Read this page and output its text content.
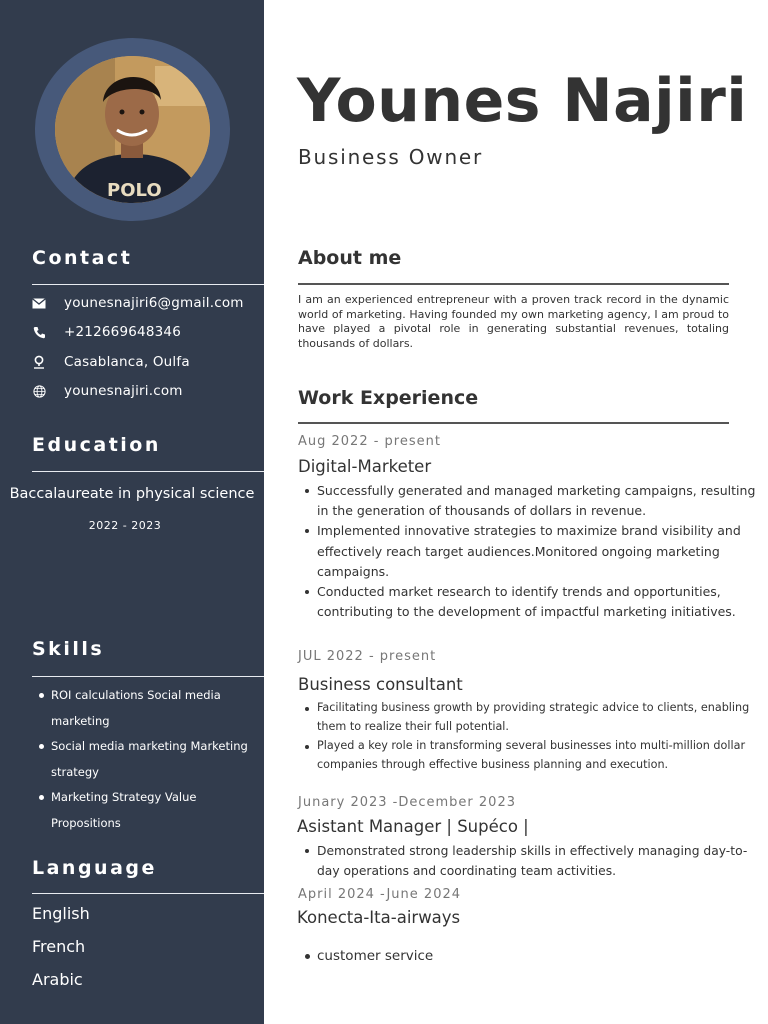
POLO
Contact
younesnajiri6@gmail.com
+212669648346
Casablanca, Oulfa
younesnajiri.com
Education
Baccalaureate in physical science
2022 - 2023
Skills
ROI calculations Social media marketing
Social media marketing Marketing strategy
Marketing Strategy Value Propositions
Language
English
French
Arabic
Younes Najiri
Business Owner
About me
I am an experienced entrepreneur with a proven track record in the dynamic world of marketing. Having founded my own marketing agency, I am proud to have played a pivotal role in generating substantial revenues, totaling thousands of dollars.
Work Experience
Aug 2022 - present
Digital-Marketer
Successfully generated and managed marketing campaigns, resulting in the generation of thousands of dollars in revenue.
Implemented innovative strategies to maximize brand visibility and effectively reach target audiences.Monitored ongoing marketing campaigns.
Conducted market research to identify trends and opportunities, contributing to the development of impactful marketing initiatives.
JUL 2022 - present
Business consultant
Facilitating business growth by providing strategic advice to clients, enabling them to realize their full potential.
Played a key role in transforming several businesses into multi-million dollar companies through effective business planning and execution.
Junary 2023 -December 2023
Asistant Manager | Supéco |
Demonstrated strong leadership skills in effectively managing day-to-day operations and coordinating team activities.
April 2024 -June 2024
Konecta-Ita-airways
customer service
